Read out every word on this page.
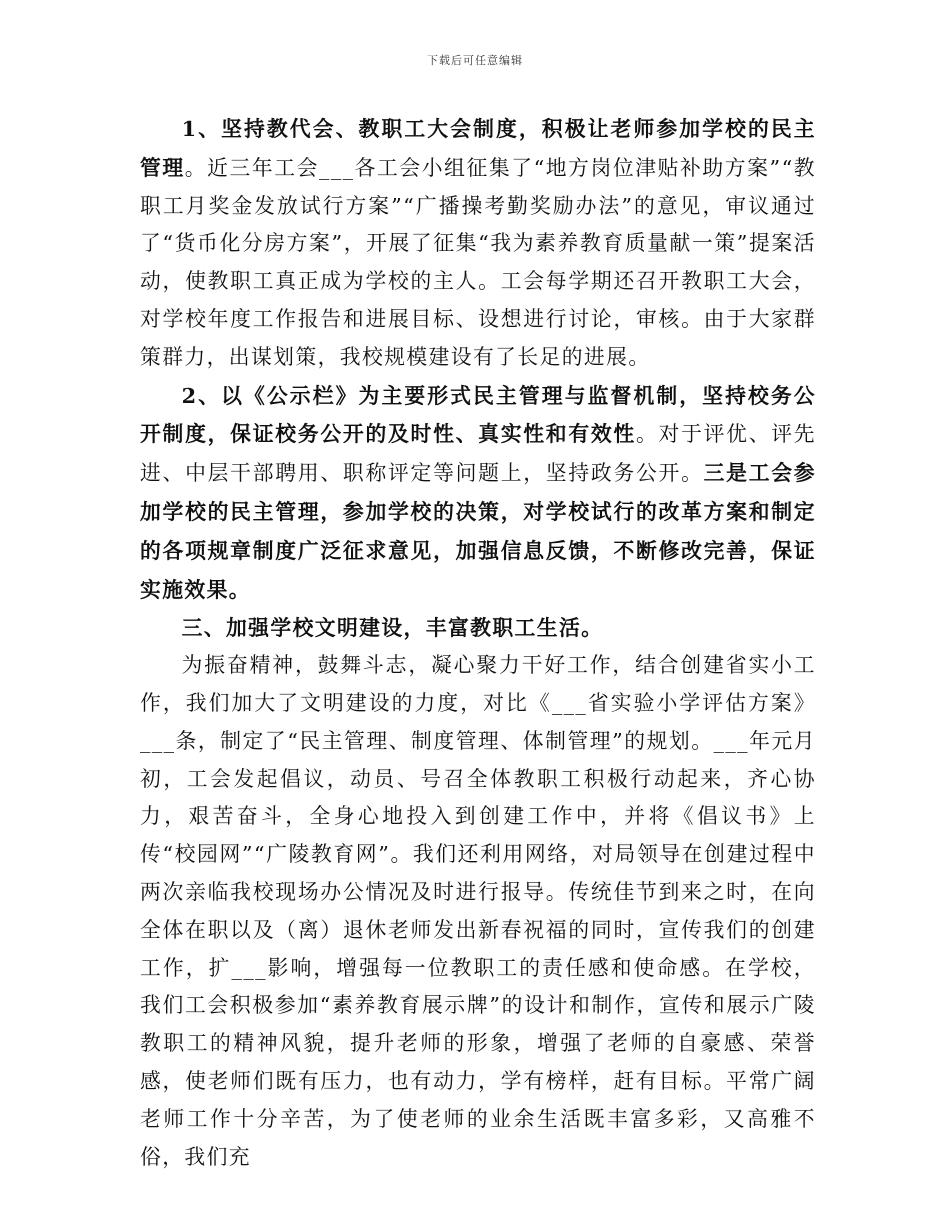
下载后可任意编辑

1、坚持教代会、教职工大会制度，积极让老师参加学校的民主管理。近三年工会___各工会小组征集了“地方岗位津贴补助方案”“教职工月奖金发放试行方案”“广播操考勤奖励办法”的意见，审议通过了“货币化分房方案”，开展了征集“我为素养教育质量献一策”提案活动，使教职工真正成为学校的主人。工会每学期还召开教职工大会，对学校年度工作报告和进展目标、设想进行讨论，审核。由于大家群策群力，出谋划策，我校规模建设有了长足的进展。

2、以《公示栏》为主要形式民主管理与监督机制，坚持校务公开制度，保证校务公开的及时性、真实性和有效性。对于评优、评先进、中层干部聘用、职称评定等问题上，坚持政务公开。三是工会参加学校的民主管理，参加学校的决策，对学校试行的改革方案和制定的各项规章制度广泛征求意见，加强信息反馈，不断修改完善，保证实施效果。

三、加强学校文明建设，丰富教职工生活。

为振奋精神，鼓舞斗志，凝心聚力干好工作，结合创建省实小工作，我们加大了文明建设的力度，对比《___省实验小学评估方案》___条，制定了“民主管理、制度管理、体制管理”的规划。___年元月初，工会发起倡议，动员、号召全体教职工积极行动起来，齐心协力，艰苦奋斗，全身心地投入到创建工作中，并将《倡议书》上传“校园网”“广陵教育网”。我们还利用网络，对局领导在创建过程中两次亲临我校现场办公情况及时进行报导。传统佳节到来之时，在向全体在职以及（离）退休老师发出新春祝福的同时，宣传我们的创建工作，扩___影响，增强每一位教职工的责任感和使命感。在学校，我们工会积极参加“素养教育展示牌”的设计和制作，宣传和展示广陵教职工的精神风貌，提升老师的形象，增强了老师的自豪感、荣誉感，使老师们既有压力，也有动力，学有榜样，赶有目标。平常广阔老师工作十分辛苦，为了使老师的业余生活既丰富多彩，又高雅不俗，我们充
